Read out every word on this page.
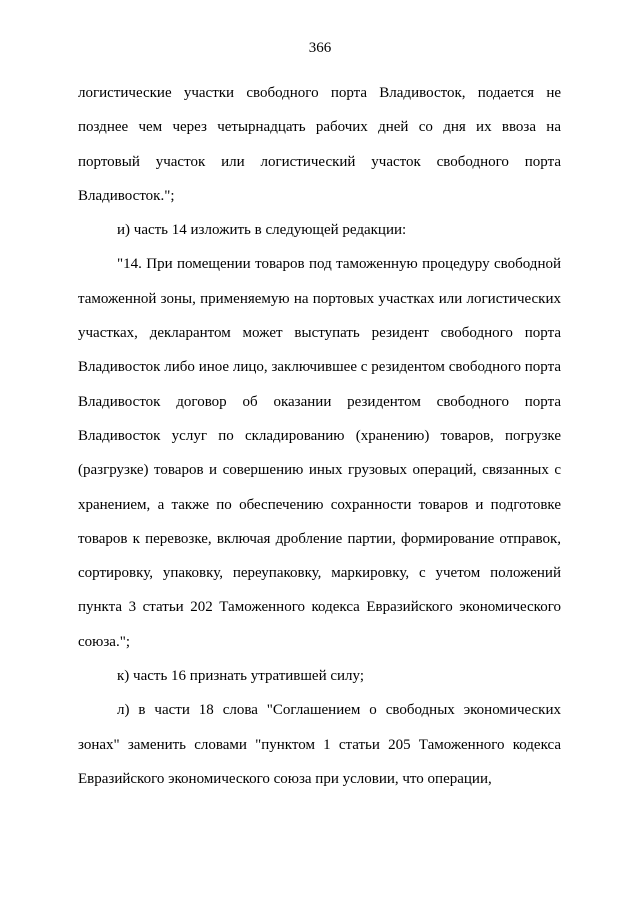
366

логистические участки свободного порта Владивосток, подается не позднее чем через четырнадцать рабочих дней со дня их ввоза на портовый участок или логистический участок свободного порта Владивосток.";

и) часть 14 изложить в следующей редакции:

"14. При помещении товаров под таможенную процедуру свободной таможенной зоны, применяемую на портовых участках или логистических участках, декларантом может выступать резидент свободного порта Владивосток либо иное лицо, заключившее с резидентом свободного порта Владивосток договор об оказании резидентом свободного порта Владивосток услуг по складированию (хранению) товаров, погрузке (разгрузке) товаров и совершению иных грузовых операций, связанных с хранением, а также по обеспечению сохранности товаров и подготовке товаров к перевозке, включая дробление партии, формирование отправок, сортировку, упаковку, переупаковку, маркировку, с учетом положений пункта 3 статьи 202 Таможенного кодекса Евразийского экономического союза.";

к) часть 16 признать утратившей силу;

л) в части 18 слова "Соглашением о свободных экономических зонах" заменить словами "пунктом 1 статьи 205 Таможенного кодекса Евразийского экономического союза при условии, что операции,
